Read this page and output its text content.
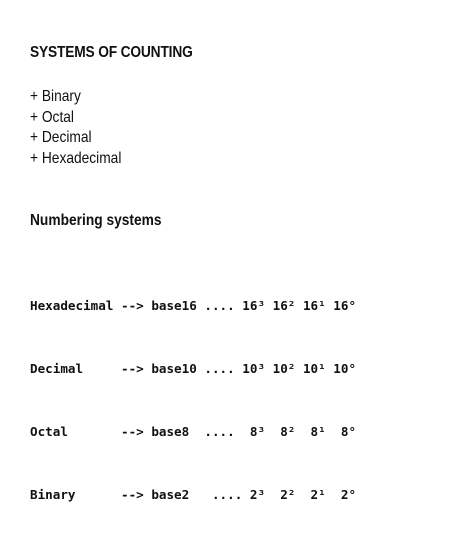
SYSTEMS OF COUNTING
+ Binary
+ Octal
+ Decimal
+ Hexadecimal
Numbering systems

Hexadecimal --> base16 .... 16³ 16² 16¹ 16°

Decimal     --> base10 .... 10³ 10² 10¹ 10°

Octal       --> base8  ....  8³  8²  8¹  8°

Binary      --> base2   .... 2³  2²  2¹  2°
